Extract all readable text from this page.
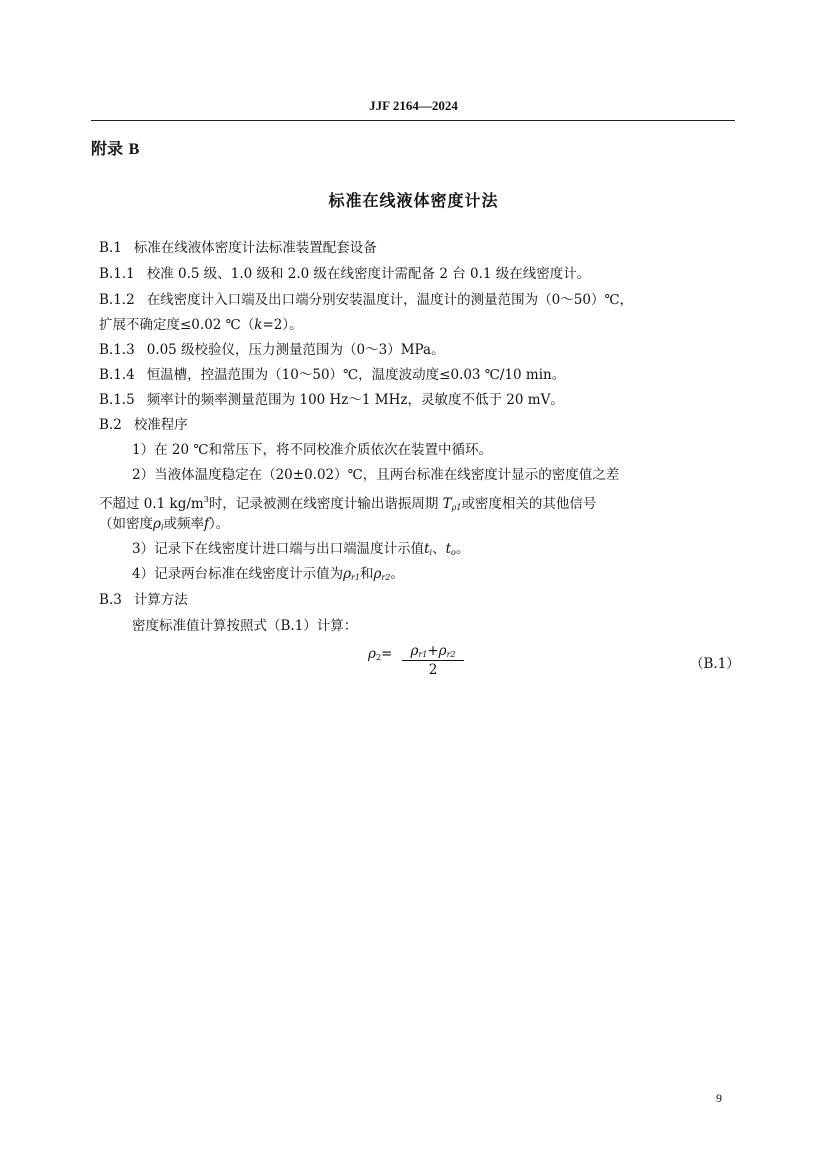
JJF 2164—2024
附录 B
标准在线液体密度计法
B.1 标准在线液体密度计法标准装置配套设备
B.1.1 校准 0.5 级、1.0 级和 2.0 级在线密度计需配备 2 台 0.1 级在线密度计。
B.1.2 在线密度计入口端及出口端分别安装温度计，温度计的测量范围为（0～50）℃，
扩展不确定度≤0.02 ℃（k=2）。
B.1.3 0.05 级校验仪，压力测量范围为（0～3）MPa。
B.1.4 恒温槽，控温范围为（10～50）℃，温度波动度≤0.03 ℃/10 min。
B.1.5 频率计的频率测量范围为 100 Hz～1 MHz，灵敏度不低于 20 mV。
B.2 校准程序
1）在 20 ℃和常压下，将不同校准介质依次在装置中循环。
2）当液体温度稳定在（20±0.02）℃，且两台标准在线密度计显示的密度值之差
不超过 0.1 $kg/m^3$时，记录被测在线密度计输出谐振周期 $T_{\rho 1}$或密度相关的其他信号
（如密度$\rho_i$或频率f）。
3）记录下在线密度计进口端与出口端温度计示值$t_i$、$t_o$。
4）记录两台标准在线密度计示值为$\rho_{r1}$和$\rho_{r2}$。
B.3 计算方法
密度标准值计算按照式（B.1）计算：
$\rho_2= \frac{\rho_{r1}+\rho_{r2}}{2}$	（B.1）
9
